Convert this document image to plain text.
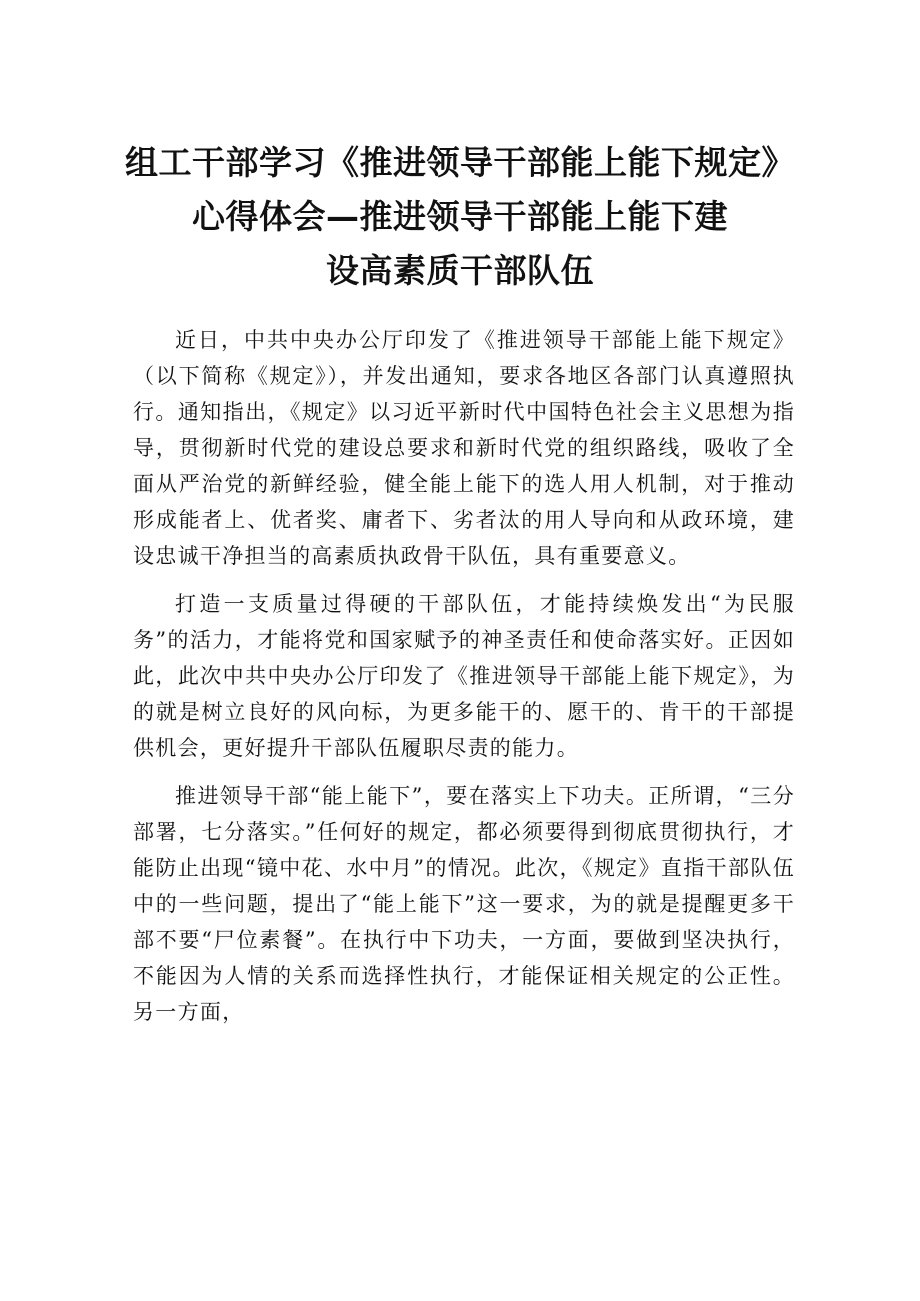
组工干部学习《推进领导干部能上能下规定》
心得体会—推进领导干部能上能下建
设高素质干部队伍

近日，中共中央办公厅印发了《推进领导干部能上能下规定》（以下简称《规定》），并发出通知，要求各地区各部门认真遵照执行。通知指出，《规定》以习近平新时代中国特色社会主义思想为指导，贯彻新时代党的建设总要求和新时代党的组织路线，吸收了全面从严治党的新鲜经验，健全能上能下的选人用人机制，对于推动形成能者上、优者奖、庸者下、劣者汰的用人导向和从政环境，建设忠诚干净担当的高素质执政骨干队伍，具有重要意义。

打造一支质量过得硬的干部队伍，才能持续焕发出“为民服务”的活力，才能将党和国家赋予的神圣责任和使命落实好。正因如此，此次中共中央办公厅印发了《推进领导干部能上能下规定》，为的就是树立良好的风向标，为更多能干的、愿干的、肯干的干部提供机会，更好提升干部队伍履职尽责的能力。

推进领导干部“能上能下”，要在落实上下功夫。正所谓，“三分部署，七分落实。”任何好的规定，都必须要得到彻底贯彻执行，才能防止出现“镜中花、水中月”的情况。此次，《规定》直指干部队伍中的一些问题，提出了“能上能下”这一要求，为的就是提醒更多干部不要“尸位素餐”。在执行中下功夫，一方面，要做到坚决执行，不能因为人情的关系而选择性执行，才能保证相关规定的公正性。另一方面，
